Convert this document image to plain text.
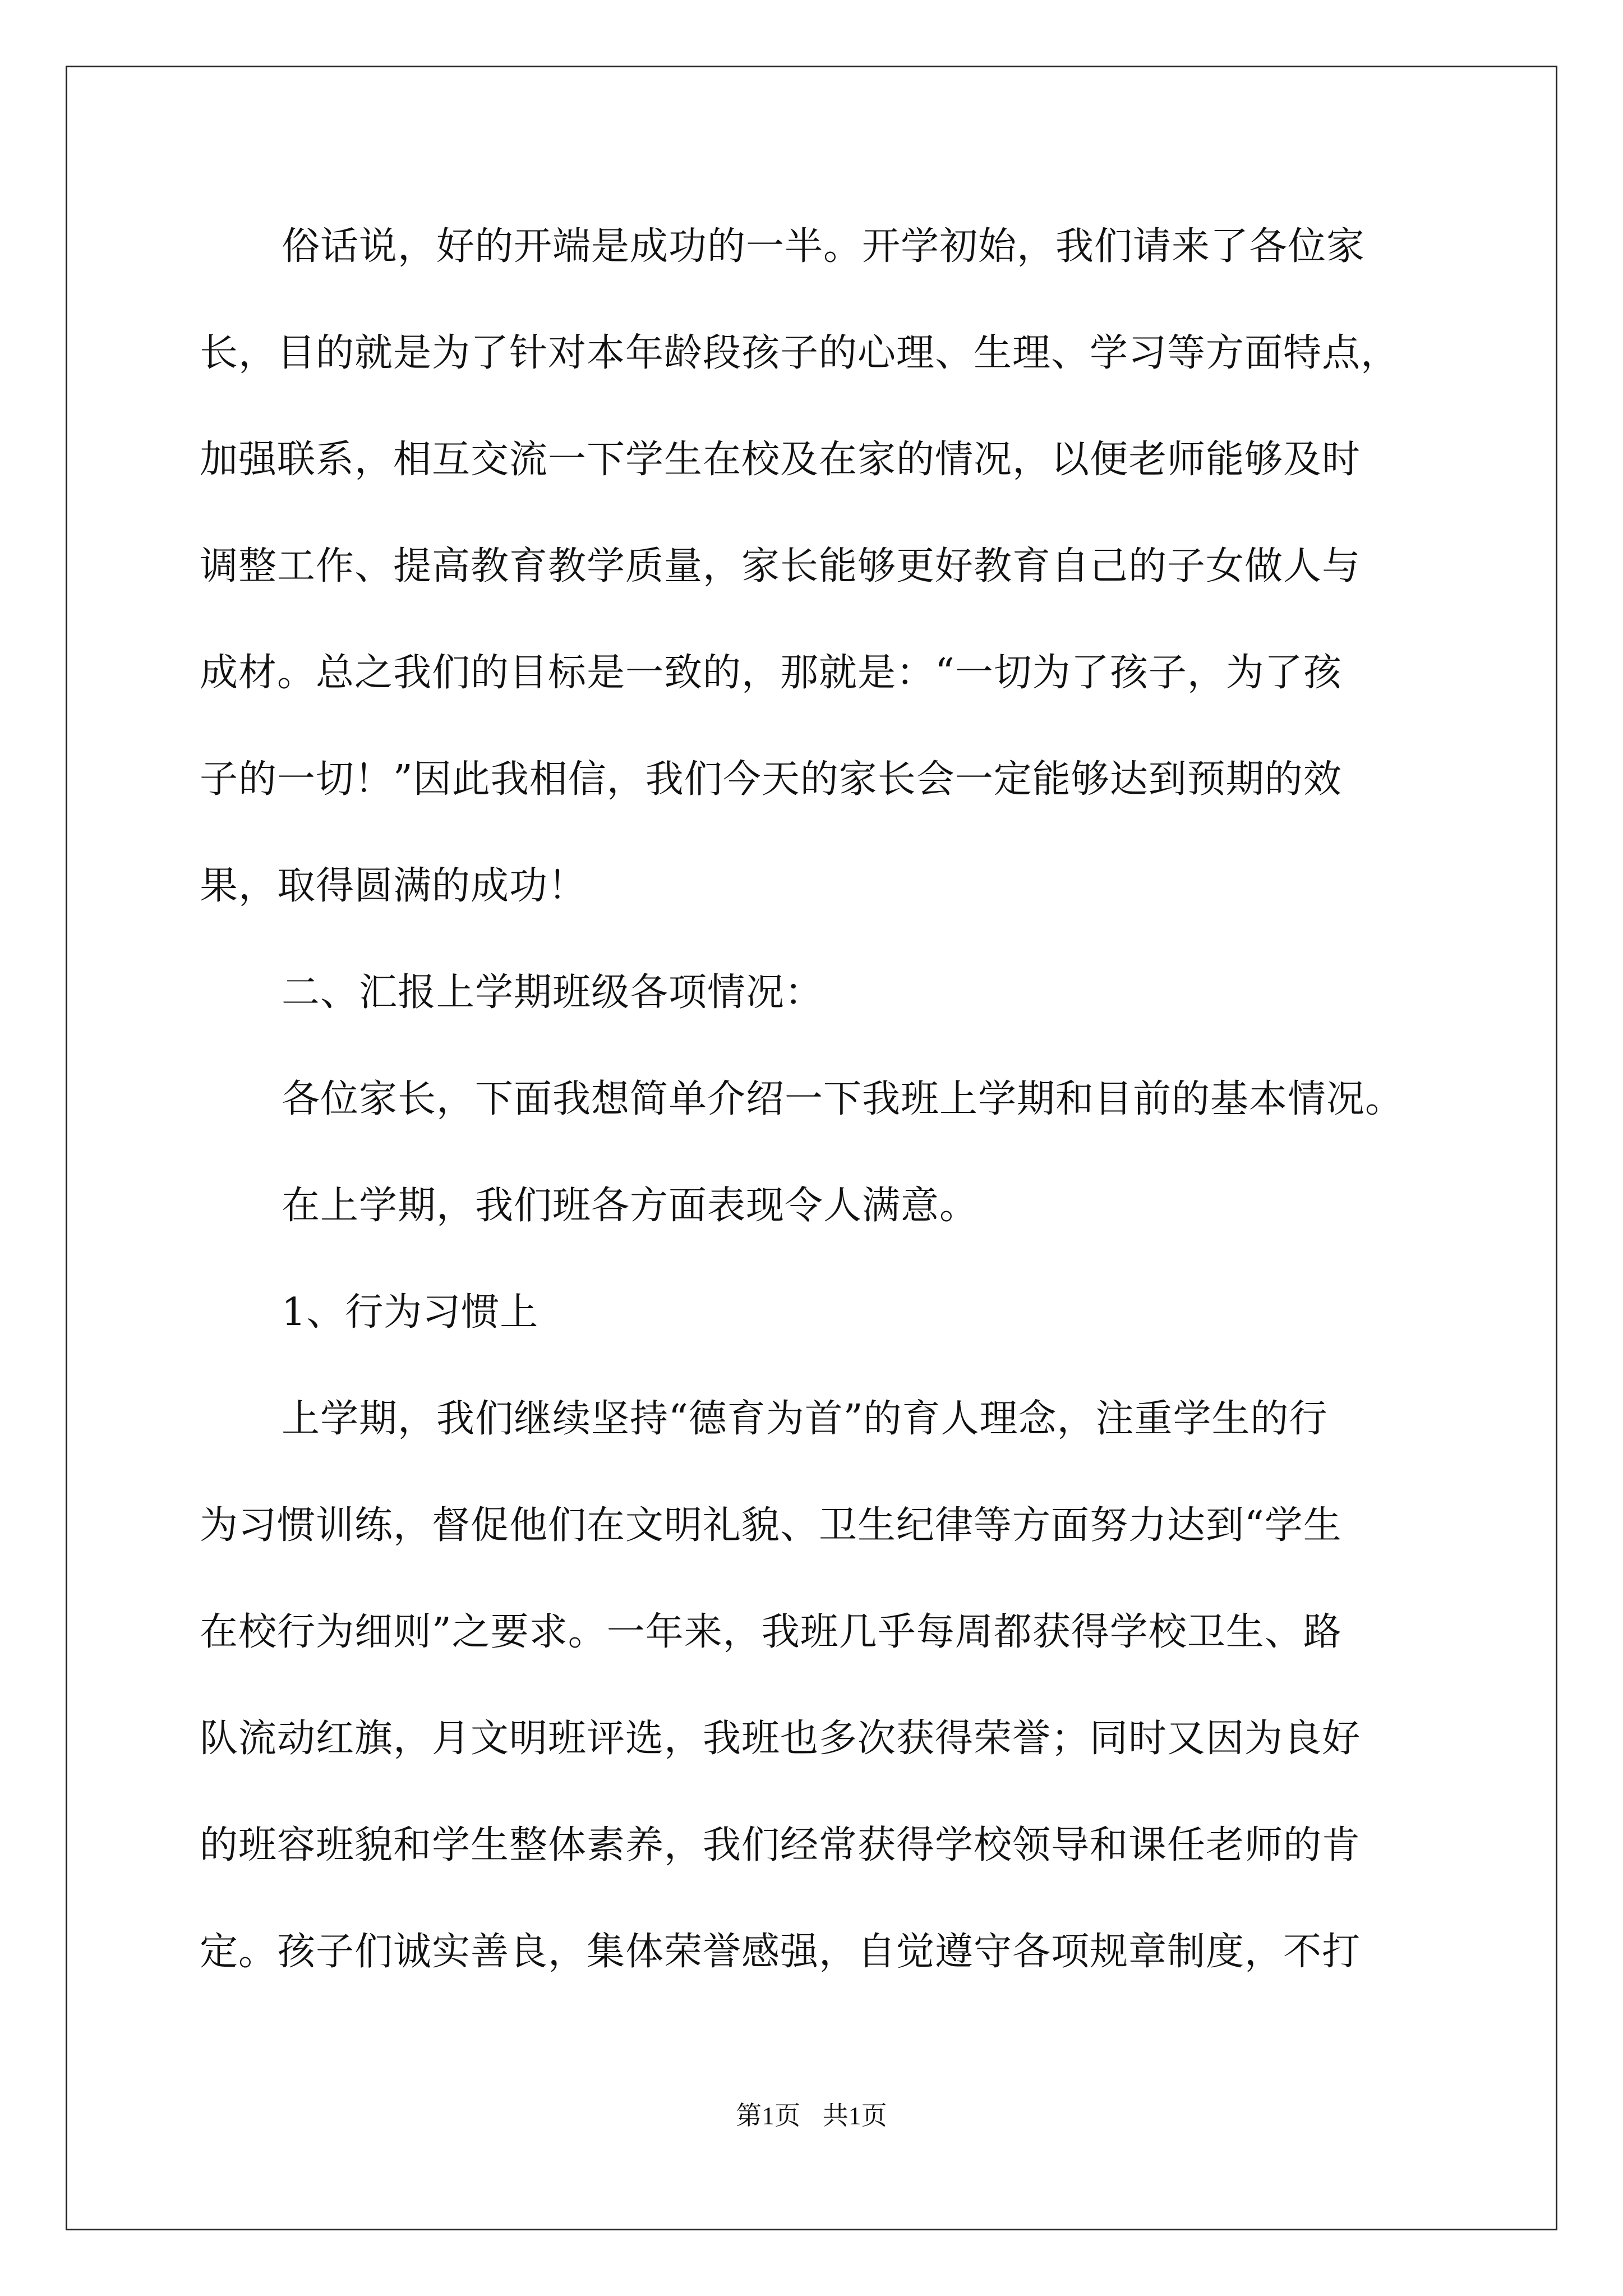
俗话说，好的开端是成功的一半。开学初始，我们请来了各位家
长，目的就是为了针对本年龄段孩子的心理、生理、学习等方面特点，
加强联系，相互交流一下学生在校及在家的情况，以便老师能够及时
调整工作、提高教育教学质量，家长能够更好教育自己的子女做人与
成材。总之我们的目标是一致的，那就是：“一切为了孩子，为了孩
子的一切！”因此我相信，我们今天的家长会一定能够达到预期的效
果，取得圆满的成功！
二、汇报上学期班级各项情况：
各位家长，下面我想简单介绍一下我班上学期和目前的基本情况。
在上学期，我们班各方面表现令人满意。
1、行为习惯上
上学期，我们继续坚持“德育为首”的育人理念，注重学生的行
为习惯训练，督促他们在文明礼貌、卫生纪律等方面努力达到“学生
在校行为细则”之要求。一年来，我班几乎每周都获得学校卫生、路
队流动红旗，月文明班评选，我班也多次获得荣誉；同时又因为良好
的班容班貌和学生整体素养，我们经常获得学校领导和课任老师的肯
定。孩子们诚实善良，集体荣誉感强，自觉遵守各项规章制度，不打
第1页 共1页
